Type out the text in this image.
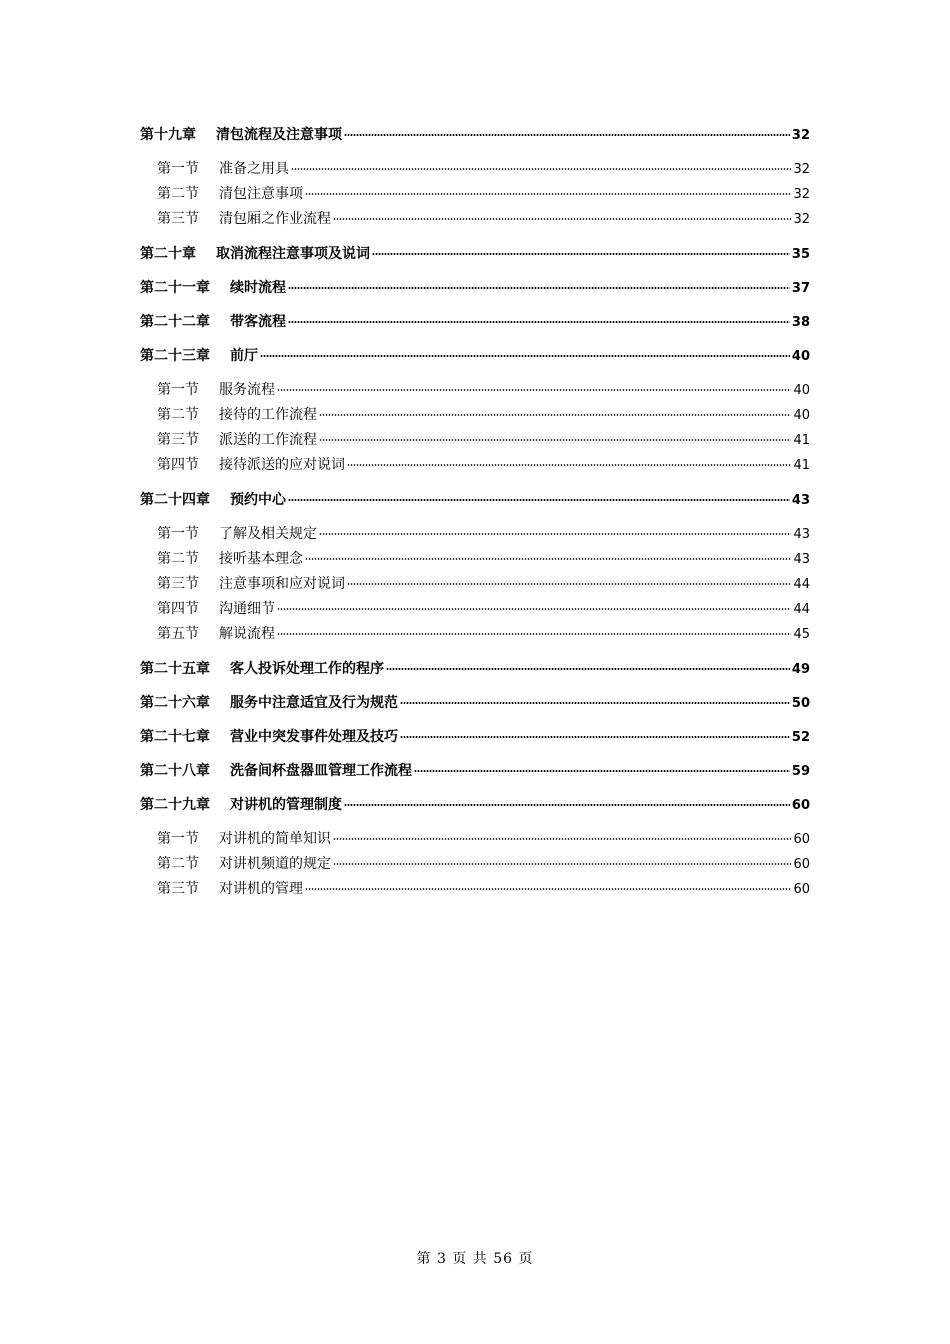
第十九章 清包流程及注意事项	32
第一节 准备之用具	32
第二节 清包注意事项	32
第三节 清包厢之作业流程	32
第二十章 取消流程注意事项及说词	35
第二十一章 续时流程	37
第二十二章 带客流程	38
第二十三章 前厅	40
第一节 服务流程	40
第二节 接待的工作流程	40
第三节 派送的工作流程	41
第四节 接待派送的应对说词	41
第二十四章 预约中心	43
第一节 了解及相关规定	43
第二节 接听基本理念	43
第三节 注意事项和应对说词	44
第四节 沟通细节	44
第五节 解说流程	45
第二十五章 客人投诉处理工作的程序	49
第二十六章 服务中注意适宜及行为规范	50
第二十七章 营业中突发事件处理及技巧	52
第二十八章 洗备间杯盘器皿管理工作流程	59
第二十九章 对讲机的管理制度	60
第一节 对讲机的简单知识	60
第二节 对讲机频道的规定	60
第三节 对讲机的管理	60
第 3 页 共 56 页
